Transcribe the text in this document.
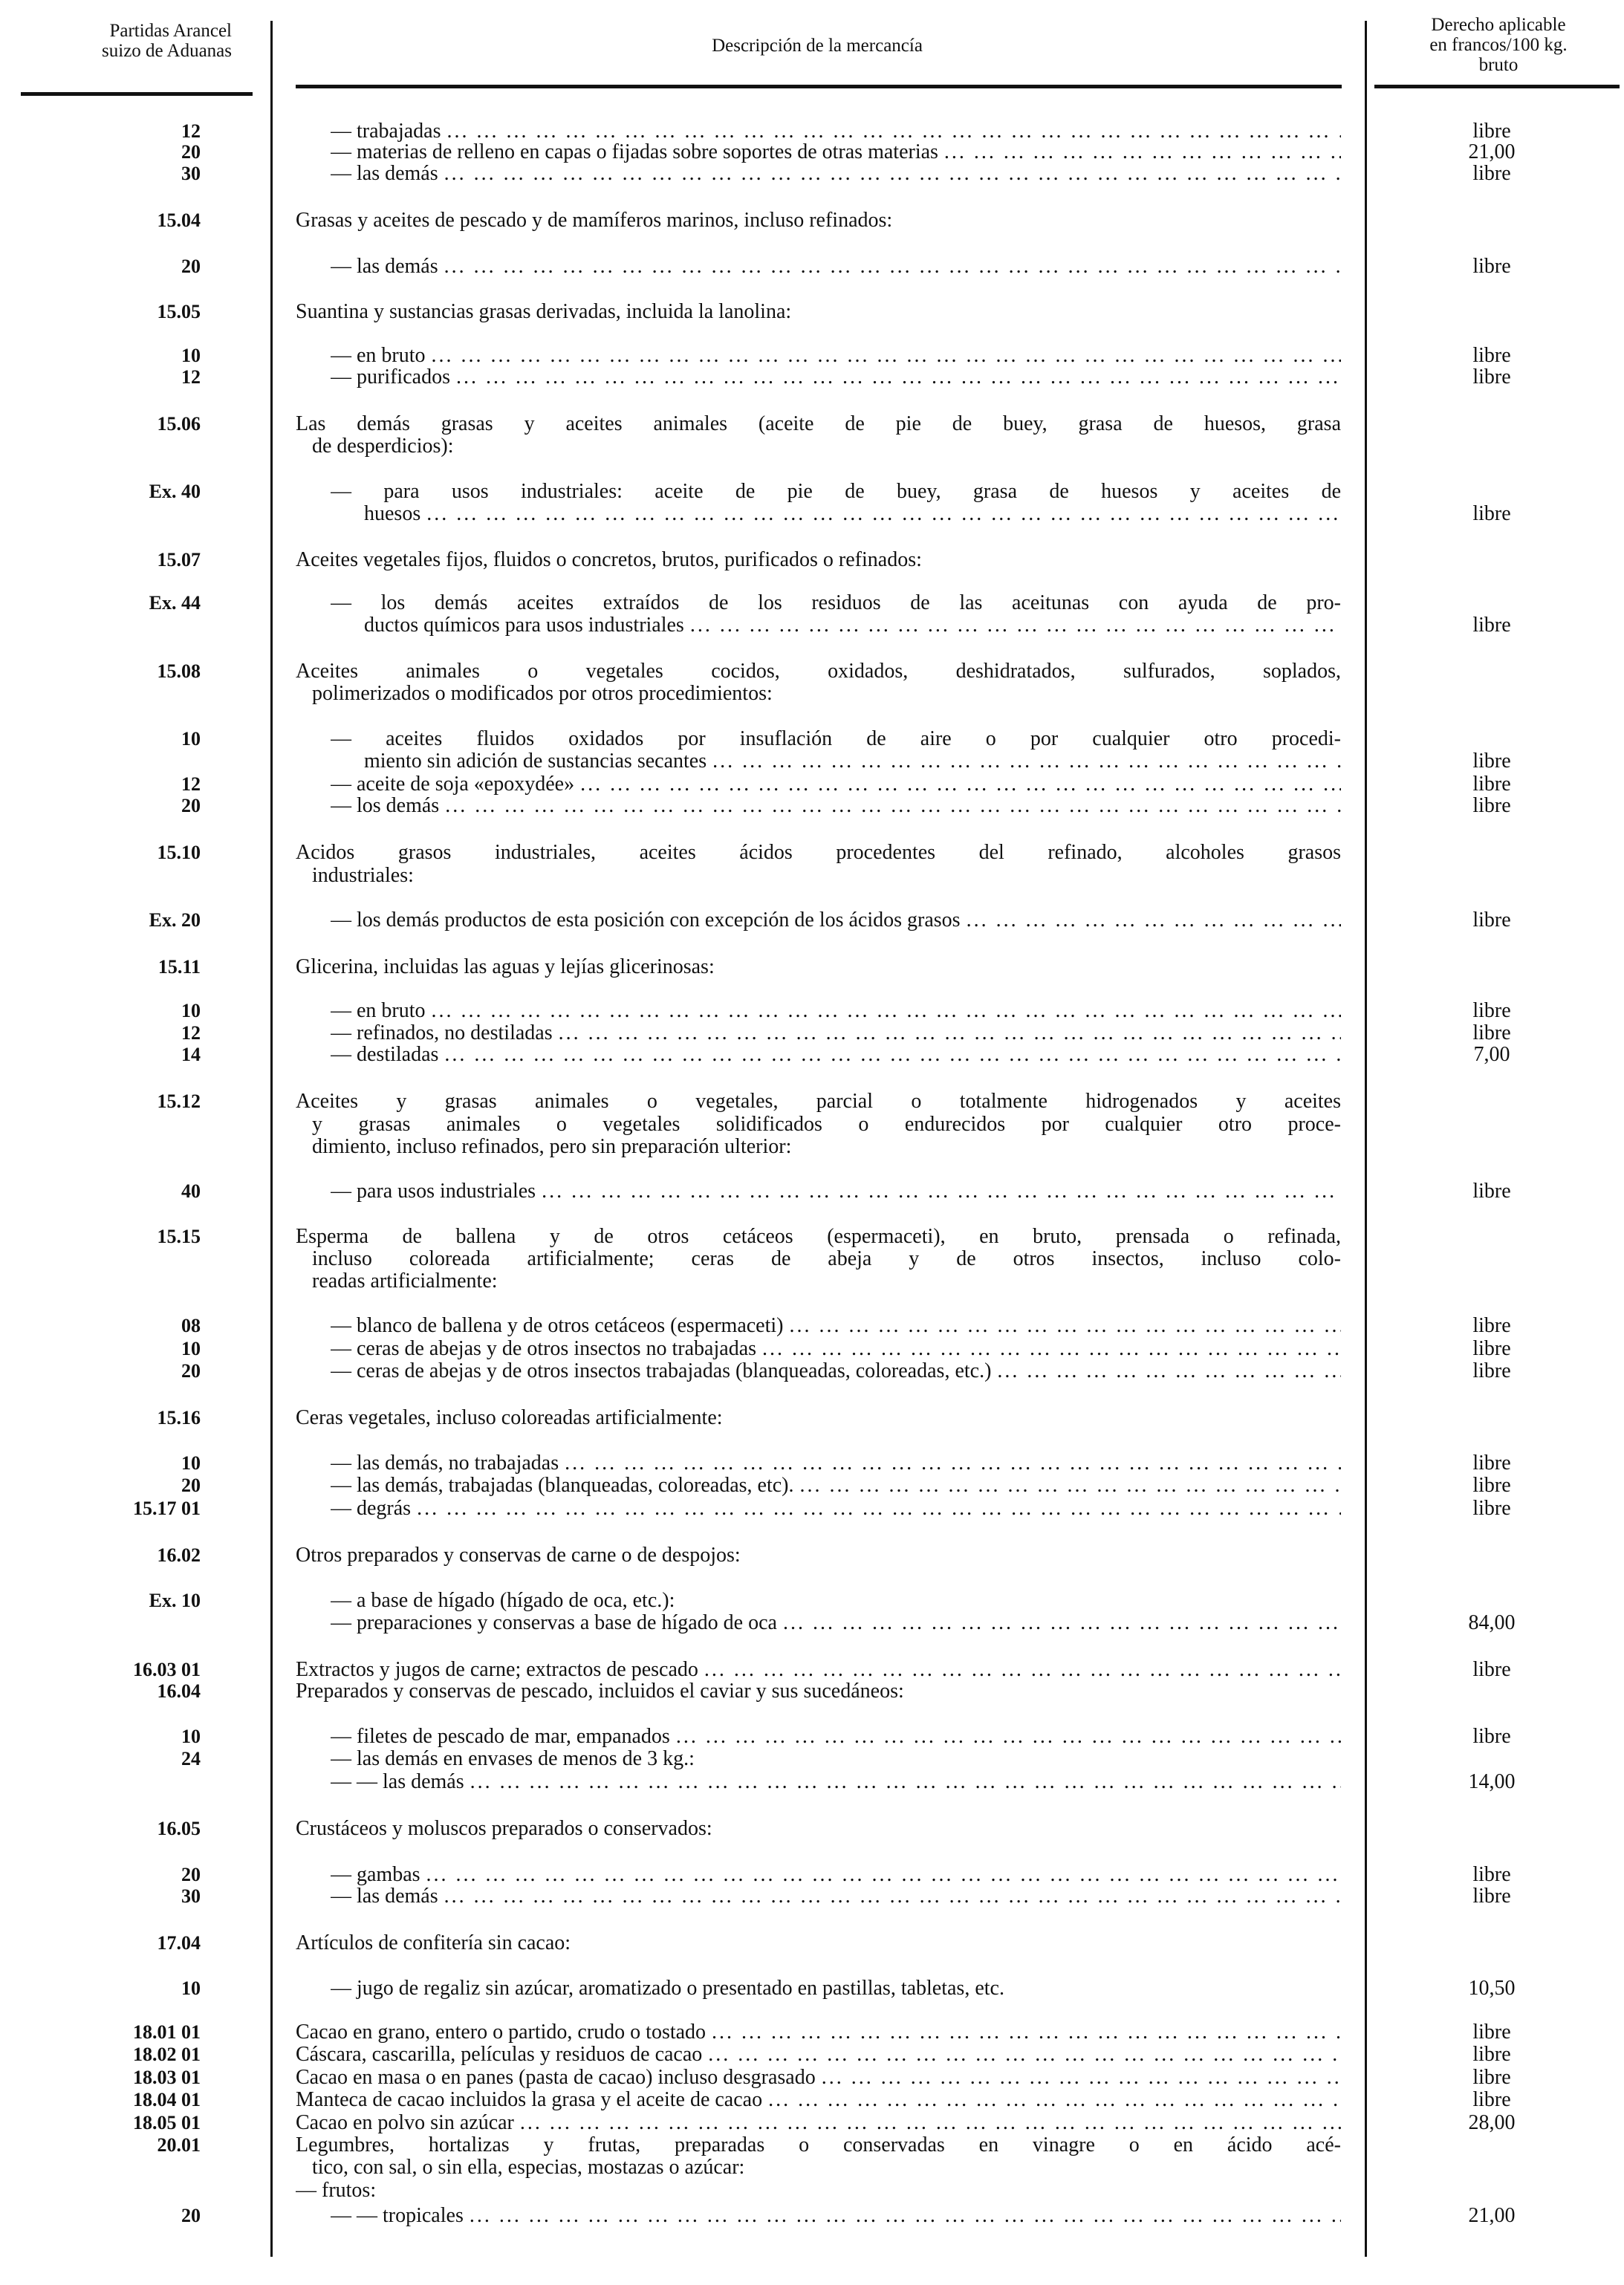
Partidas Arancel
suizo de Aduanas	Descripción de la mercancía
Derecho aplicable
en francos/100 kg.
bruto
12	— trabajadas ... .	libre
20	— materias de relleno en capas o fijadas sobre soportes de otras materias ... .	21,00
30	— las demás ... .	libre
15.04	Grasas y aceites de pescado y de mamíferos marinos, incluso refinados:
20	— las demás ... .	libre
15.05	Suantina y sustancias grasas derivadas, incluida la lanolina:
10	— en bruto ... .	libre
12	— purificados ... .	libre
15.06	Las demás grasas y aceites animales (aceite de pie de buey, grasa de huesos, grasa
de desperdicios):
Ex. 40	— para usos industriales: aceite de pie de buey, grasa de huesos y aceites de
huesos ... .	libre
15.07	Aceites vegetales fijos, fluidos o concretos, brutos, purificados o refinados:
Ex. 44	— los demás aceites extraídos de los residuos de las aceitunas con ayuda de pro-
ductos químicos para usos industriales ... .	libre
15.08	Aceites animales o vegetales cocidos, oxidados, deshidratados, sulfurados, soplados,
polimerizados o modificados por otros procedimientos:
10	— aceites fluidos oxidados por insuflación de aire o por cualquier otro procedi-
miento sin adición de sustancias secantes ... .	libre
12	— aceite de soja «epoxydée» ... .	libre
20	— los demás ... .	libre
15.10	Acidos grasos industriales, aceites ácidos procedentes del refinado, alcoholes grasos
industriales:
Ex. 20	— los demás productos de esta posición con excepción de los ácidos grasos ... .	libre
15.11	Glicerina, incluidas las aguas y lejías glicerinosas:
10	— en bruto ... .	libre
12	— refinados, no destiladas ... .	libre
14	— destiladas ... .	7,00
15.12	Aceites y grasas animales o vegetales, parcial o totalmente hidrogenados y aceites
y grasas animales o vegetales solidificados o endurecidos por cualquier otro proce-
dimiento, incluso refinados, pero sin preparación ulterior:
40	— para usos industriales ... .	libre
15.15	Esperma de ballena y de otros cetáceos (espermaceti), en bruto, prensada o refinada,
incluso coloreada artificialmente; ceras de abeja y de otros insectos, incluso colo-
readas artificialmente:
08	— blanco de ballena y de otros cetáceos (espermaceti) ... .	libre
10	— ceras de abejas y de otros insectos no trabajadas ... .	libre
20	— ceras de abejas y de otros insectos trabajadas (blanqueadas, coloreadas, etc.) ... .	libre
15.16	Ceras vegetales, incluso coloreadas artificialmente:
10	— las demás, no trabajadas ... .	libre
20	— las demás, trabajadas (blanqueadas, coloreadas, etc). ... .	libre
15.17 01	— degrás ... .	libre
16.02	Otros preparados y conservas de carne o de despojos:
Ex. 10	— a base de hígado (hígado de oca, etc.):
— preparaciones y conservas a base de hígado de oca ... .	84,00
16.03 01	Extractos y jugos de carne; extractos de pescado ... .	libre
16.04	Preparados y conservas de pescado, incluidos el caviar y sus sucedáneos:
10	— filetes de pescado de mar, empanados ... .	libre
24	— las demás en envases de menos de 3 kg.:
— — las demás ... .	14,00
16.05	Crustáceos y moluscos preparados o conservados:
20	— gambas ... .	libre
30	— las demás ... .	libre
17.04	Artículos de confitería sin cacao:
10	— jugo de regaliz sin azúcar, aromatizado o presentado en pastillas, tabletas, etc.	10,50
18.01 01	Cacao en grano, entero o partido, crudo o tostado ... .	libre
18.02 01	Cáscara, cascarilla, películas y residuos de cacao ... .	libre
18.03 01	Cacao en masa o en panes (pasta de cacao) incluso desgrasado ... .	libre
18.04 01	Manteca de cacao incluidos la grasa y el aceite de cacao ... .	libre
18.05 01	Cacao en polvo sin azúcar ... .	28,00
20.01	Legumbres, hortalizas y frutas, preparadas o conservadas en vinagre o en ácido acé-
tico, con sal, o sin ella, especias, mostazas o azúcar:
— frutos:
20	— — tropicales ... .	21,00
